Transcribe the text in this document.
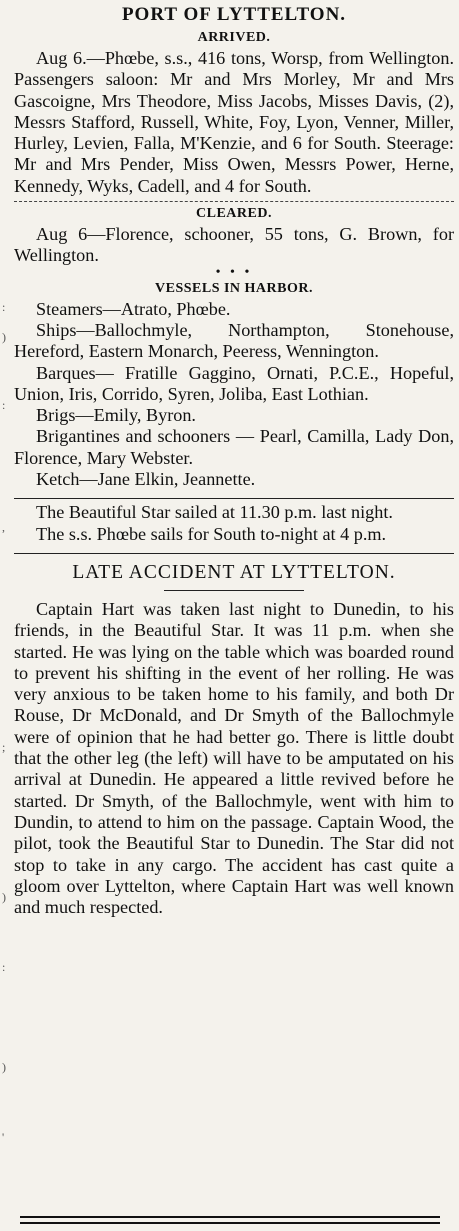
:
)
:
,
;
)
:
)
'
PORT OF LYTTELTON.
ARRIVED.

Aug 6.—Phœbe, s.s., 416 tons, Worsp, from Wellington. Passengers saloon: Mr and Mrs Morley, Mr and Mrs Gascoigne, Mrs Theodore, Miss Jacobs, Misses Davis, (2), Messrs Stafford, Russell, White, Foy, Lyon, Venner, Miller, Hurley, Levien, Falla, M'Kenzie, and 6 for South. Steerage: Mr and Mrs Pender, Miss Owen, Messrs Power, Herne, Kennedy, Wyks, Cadell, and 4 for South.

CLEARED.

Aug 6—Florence, schooner, 55 tons, G. Brown, for Wellington.

• • •
VESSELS IN HARBOR.

Steamers—Atrato, Phœbe.

Ships—Ballochmyle, Northampton, Stonehouse, Hereford, Eastern Monarch, Peeress, Wennington.

Barques— Fratille Gaggino, Ornati, P.C.E., Hopeful, Union, Iris, Corrido, Syren, Joliba, East Lothian.

Brigs—Emily, Byron.

Brigantines and schooners — Pearl, Camilla, Lady Don, Florence, Mary Webster.

Ketch—Jane Elkin, Jeannette.

The Beautiful Star sailed at 11.30 p.m. last night.

The s.s. Phœbe sails for South to-night at 4 p.m.

LATE ACCIDENT AT LYTTELTON.

Captain Hart was taken last night to Dunedin, to his friends, in the Beautiful Star. It was 11 p.m. when she started. He was lying on the table which was boarded round to prevent his shifting in the event of her rolling. He was very anxious to be taken home to his family, and both Dr Rouse, Dr McDonald, and Dr Smyth of the Ballochmyle were of opinion that he had better go. There is little doubt that the other leg (the left) will have to be amputated on his arrival at Dunedin. He appeared a little revived before he started. Dr Smyth, of the Ballochmyle, went with him to Dundin, to attend to him on the passage. Captain Wood, the pilot, took the Beautiful Star to Dunedin. The Star did not stop to take in any cargo. The accident has cast quite a gloom over Lyttelton, where Captain Hart was well known and much respected.
